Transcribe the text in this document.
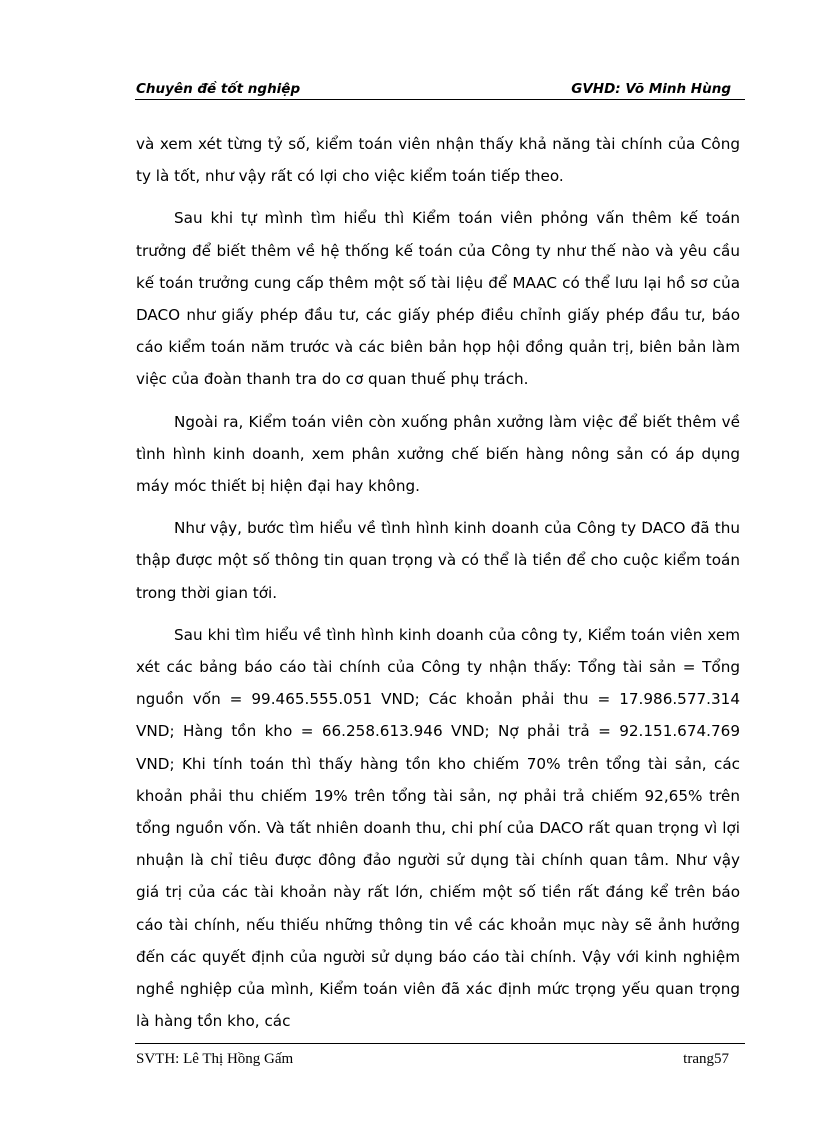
Chuyên đề tốt nghiệp	GVHD: Võ Minh Hùng

và xem xét từng tỷ số, kiểm toán viên nhận thấy khả năng tài chính của Công ty là tốt, như vậy rất có lợi cho việc kiểm toán tiếp theo.

Sau khi tự mình tìm hiểu thì Kiểm toán viên phỏng vấn thêm kế toán trưởng để biết thêm về hệ thống kế toán của Công ty như thế nào và yêu cầu kế toán trưởng cung cấp thêm một số tài liệu để MAAC có thể lưu lại hồ sơ của DACO như giấy phép đầu tư, các giấy phép điều chỉnh giấy phép đầu tư, báo cáo kiểm toán năm trước và các biên bản họp hội đồng quản trị, biên bản làm việc của đoàn thanh tra do cơ quan thuế phụ trách.

Ngoài ra, Kiểm toán viên còn xuống phân xưởng làm việc để biết thêm về tình hình kinh doanh, xem phân xưởng chế biến hàng nông sản có áp dụng máy móc thiết bị hiện đại hay không.

Như vậy, bước tìm hiểu về tình hình kinh doanh của Công ty DACO đã thu thập được một số thông tin quan trọng và có thể là tiền để cho cuộc kiểm toán trong thời gian tới.

Sau khi tìm hiểu về tình hình kinh doanh của công ty, Kiểm toán viên xem xét các bảng báo cáo tài chính của Công ty nhận thấy: Tổng tài sản = Tổng nguồn vốn = 99.465.555.051 VND; Các khoản phải thu = 17.986.577.314 VND; Hàng tồn kho = 66.258.613.946 VND; Nợ phải trả = 92.151.674.769 VND; Khi tính toán thì thấy hàng tồn kho chiếm 70% trên tổng tài sản, các khoản phải thu chiếm 19% trên tổng tài sản, nợ phải trả chiếm 92,65% trên tổng nguồn vốn. Và tất nhiên doanh thu, chi phí của DACO rất quan trọng vì lợi nhuận là chỉ tiêu được đông đảo người sử dụng tài chính quan tâm. Như vậy giá trị của các tài khoản này rất lớn, chiếm một số tiền rất đáng kể trên báo cáo tài chính, nếu thiếu những thông tin về các khoản mục này sẽ ảnh hưởng đến các quyết định của người sử dụng báo cáo tài chính. Vậy với kinh nghiệm nghề nghiệp của mình, Kiểm toán viên đã xác định mức trọng yếu quan trọng là hàng tồn kho, các

SVTH: Lê Thị Hồng Gấm	trang57
